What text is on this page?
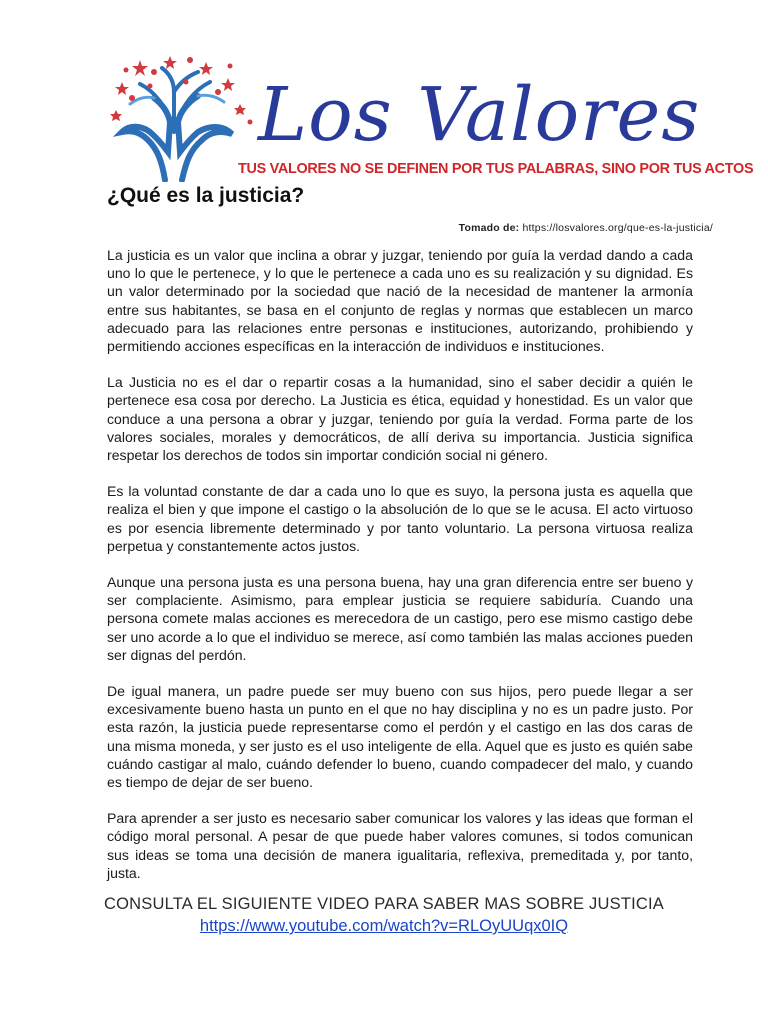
Los Valores
TUS VALORES NO SE DEFINEN POR TUS PALABRAS, SINO POR TUS ACTOS
¿Qué es la justicia?
Tomado de: https://losvalores.org/que-es-la-justicia/

La justicia es un valor que inclina a obrar y juzgar, teniendo por guía la verdad dando a cada uno lo que le pertenece, y lo que le pertenece a cada uno es su realización y su dignidad. Es un valor determinado por la sociedad que nació de la necesidad de mantener la armonía entre sus habitantes, se basa en el conjunto de reglas y normas que establecen un marco adecuado para las relaciones entre personas e instituciones, autorizando, prohibiendo y permitiendo acciones específicas en la interacción de individuos e instituciones.

La Justicia no es el dar o repartir cosas a la humanidad, sino el saber decidir a quién le pertenece esa cosa por derecho. La Justicia es ética, equidad y honestidad. Es un valor que conduce a una persona a obrar y juzgar, teniendo por guía la verdad. Forma parte de los valores sociales, morales y democráticos, de allí deriva su importancia. Justicia significa respetar los derechos de todos sin importar condición social ni género.

Es la voluntad constante de dar a cada uno lo que es suyo, la persona justa es aquella que realiza el bien y que impone el castigo o la absolución de lo que se le acusa. El acto virtuoso es por esencia libremente determinado y por tanto voluntario. La persona virtuosa realiza perpetua y constantemente actos justos.

Aunque una persona justa es una persona buena, hay una gran diferencia entre ser bueno y ser complaciente. Asimismo, para emplear justicia se requiere sabiduría. Cuando una persona comete malas acciones es merecedora de un castigo, pero ese mismo castigo debe ser uno acorde a lo que el individuo se merece, así como también las malas acciones pueden ser dignas del perdón.

De igual manera, un padre puede ser muy bueno con sus hijos, pero puede llegar a ser excesivamente bueno hasta un punto en el que no hay disciplina y no es un padre justo. Por esta razón, la justicia puede representarse como el perdón y el castigo en las dos caras de una misma moneda, y ser justo es el uso inteligente de ella. Aquel que es justo es quién sabe cuándo castigar al malo, cuándo defender lo bueno, cuando compadecer del malo, y cuando es tiempo de dejar de ser bueno.

Para aprender a ser justo es necesario saber comunicar los valores y las ideas que forman el código moral personal. A pesar de que puede haber valores comunes, si todos comunican sus ideas se toma una decisión de manera igualitaria, reflexiva, premeditada y, por tanto, justa.

CONSULTA EL SIGUIENTE VIDEO PARA SABER MAS SOBRE JUSTICIA
https://www.youtube.com/watch?v=RLOyUUqx0IQ
